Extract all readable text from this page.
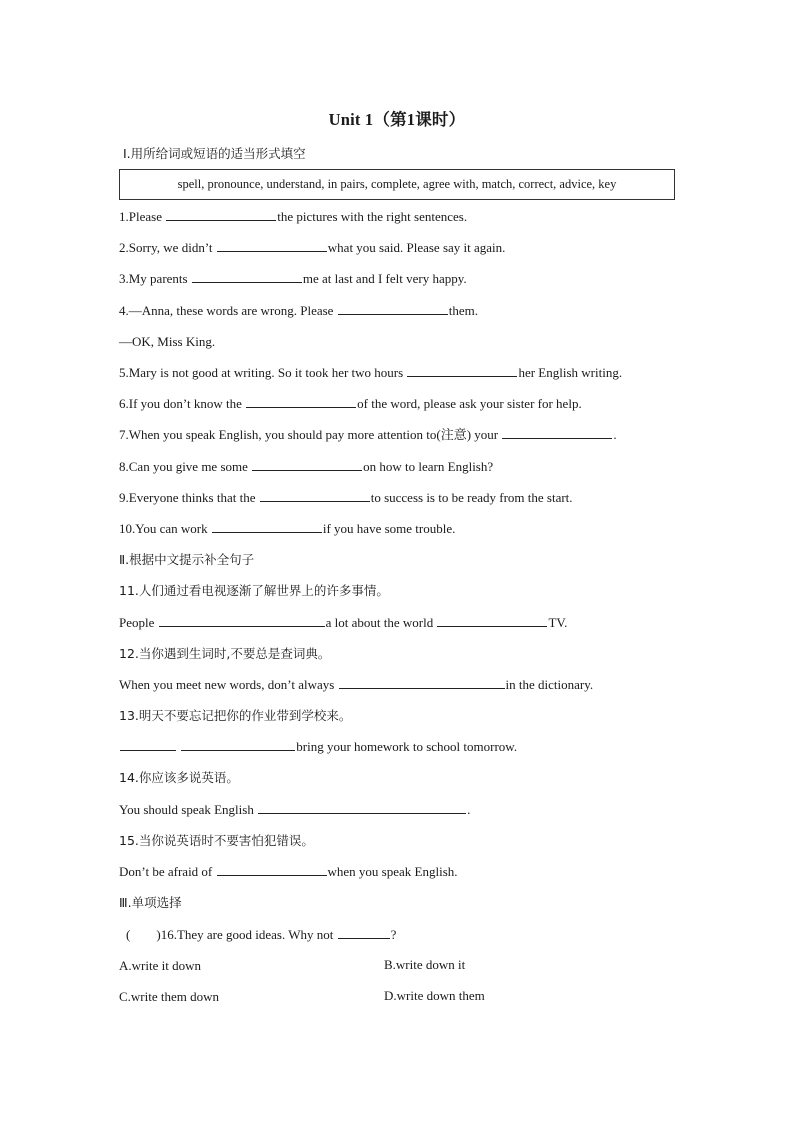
Unit 1（第1课时）
Ⅰ.用所给词或短语的适当形式填空
spell, pronounce, understand, in pairs, complete, agree with, match, correct, advice, key
1.Please	the pictures with the right sentences.
2.Sorry, we didn’t	what you said. Please say it again.
3.My parents	me at last and I felt very happy.
4.—Anna, these words are wrong. Please	them.
—OK, Miss King.
5.Mary is not good at writing. So it took her two hours	her English writing.
6.If you don’t know the	of the word, please ask your sister for help.
7.When you speak English, you should pay more attention to(注意) your	.
8.Can you give me some	on how to learn English?
9.Everyone thinks that the	to success is to be ready from the start.
10.You can work	if you have some trouble.
Ⅱ.根据中文提示补全句子
11.人们通过看电视逐渐了解世界上的许多事情。
People	a lot about the world	TV.
12.当你遇到生词时,不要总是查词典。
When you meet new words, don’t always	in the dictionary.
13.明天不要忘记把你的作业带到学校来。
bring your homework to school tomorrow.
14.你应该多说英语。
You should speak English	.
15.当你说英语时不要害怕犯错误。
Don’t be afraid of	when you speak English.
Ⅲ.单项选择
( )16.They are good ideas. Why not	?
A.write it down	B.write down it
C.write them down	D.write down them
